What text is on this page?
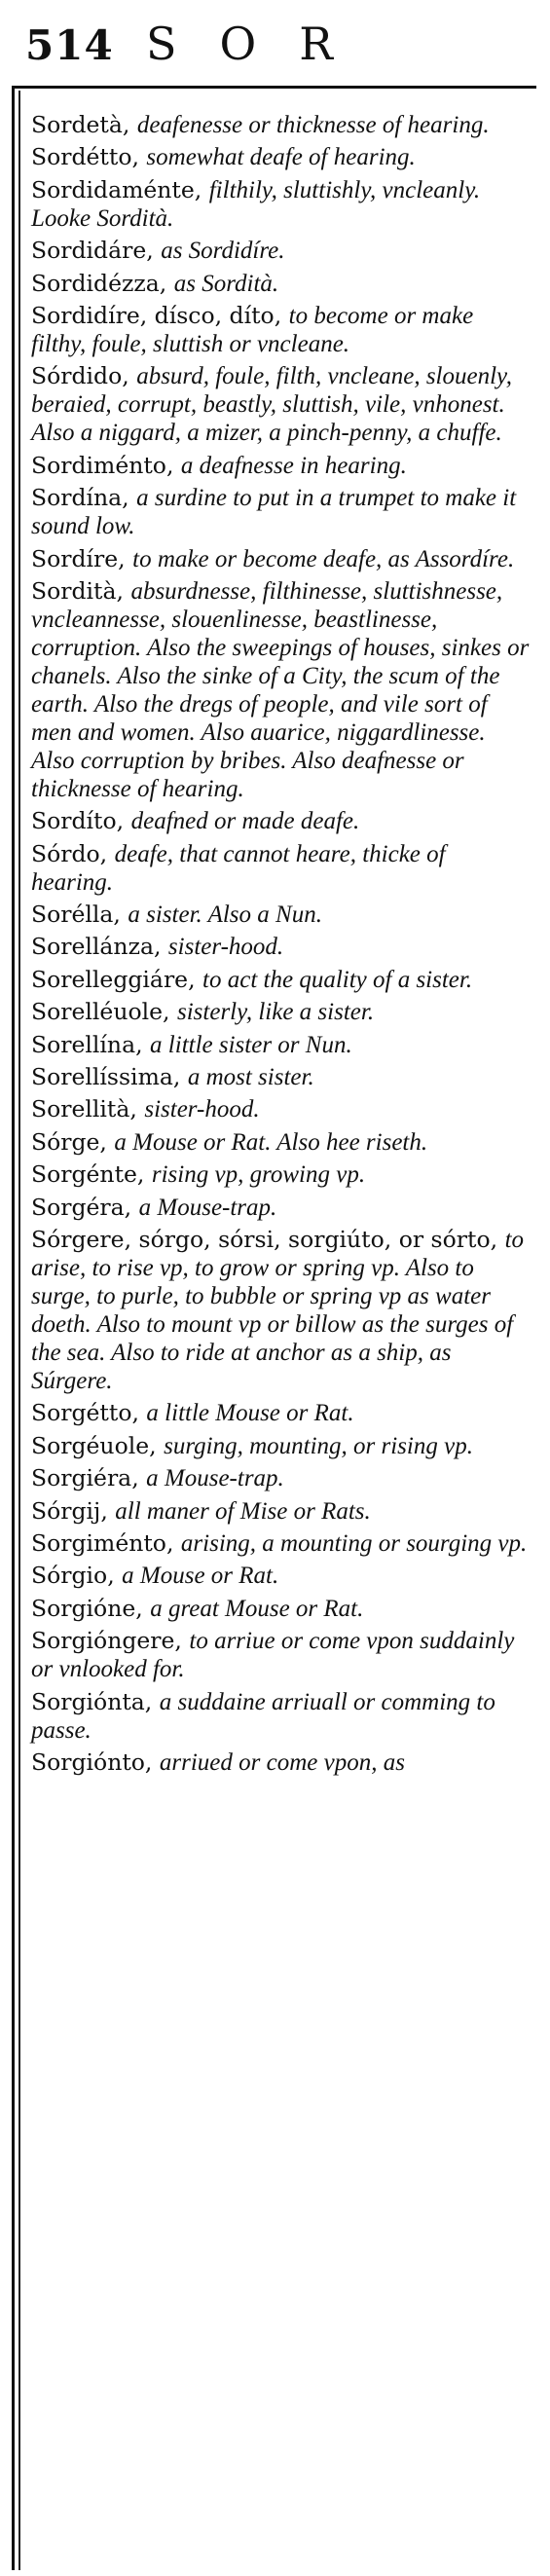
514 SOR
Sordetà, deafenesse or thicknesse of hearing.
Sordétto, somewhat deafe of hearing.
Sordidaménte, filthily, sluttishly, vncleanly. Looke Sordità.
Sordidáre, as Sordidíre.
Sordidézza, as Sordità.
Sordidíre, dísco, díto, to become or make filthy, foule, sluttish or vncleane.
Sórdido, absurd, foule, filth, vncleane, slouenly, beraied, corrupt, beastly, sluttish, vile, vnhonest. Also a niggard, a mizer, a pinch-penny, a chuffe.
Sordiménto, a deafnesse in hearing.
Sordína, a surdine to put in a trumpet to make it sound low.
Sordíre, to make or become deafe, as Assordíre.
Sordità, absurdnesse, filthinesse, sluttishnesse, vncleannesse, slouenlinesse, beastlinesse, corruption. Also the sweepings of houses, sinkes or chanels. Also the sinke of a City, the scum of the earth. Also the dregs of people, and vile sort of men and women. Also auarice, niggardlinesse. Also corruption by bribes. Also deafnesse or thicknesse of hearing.
Sordíto, deafned or made deafe.
Sórdo, deafe, that cannot heare, thicke of hearing.
Sorélla, a sister. Also a Nun.
Sorellánza, sister-hood.
Sorelleggiáre, to act the quality of a sister.
Sorelléuole, sisterly, like a sister.
Sorellína, a little sister or Nun.
Sorellíssima, a most sister.
Sorellità, sister-hood.
Sórge, a Mouse or Rat. Also hee riseth.
Sorgénte, rising vp, growing vp.
Sorgéra, a Mouse-trap.
Sórgere, sórgo, sórsi, sorgiúto, or sórto, to arise, to rise vp, to grow or spring vp. Also to surge, to purle, to bubble or spring vp as water doeth. Also to mount vp or billow as the surges of the sea. Also to ride at anchor as a ship, as Súrgere.
Sorgétto, a little Mouse or Rat.
Sorgéuole, surging, mounting, or rising vp.
Sorgiéra, a Mouse-trap.
Sórgij, all maner of Mise or Rats.
Sorgiménto, arising, a mounting or sourging vp.
Sórgio, a Mouse or Rat.
Sorgióne, a great Mouse or Rat.
Sorgióngere, to arriue or come vpon suddainly or vnlooked for.
Sorgiónta, a suddaine arriuall or comming to passe.
Sorgiónto, arriued or come vpon, as
